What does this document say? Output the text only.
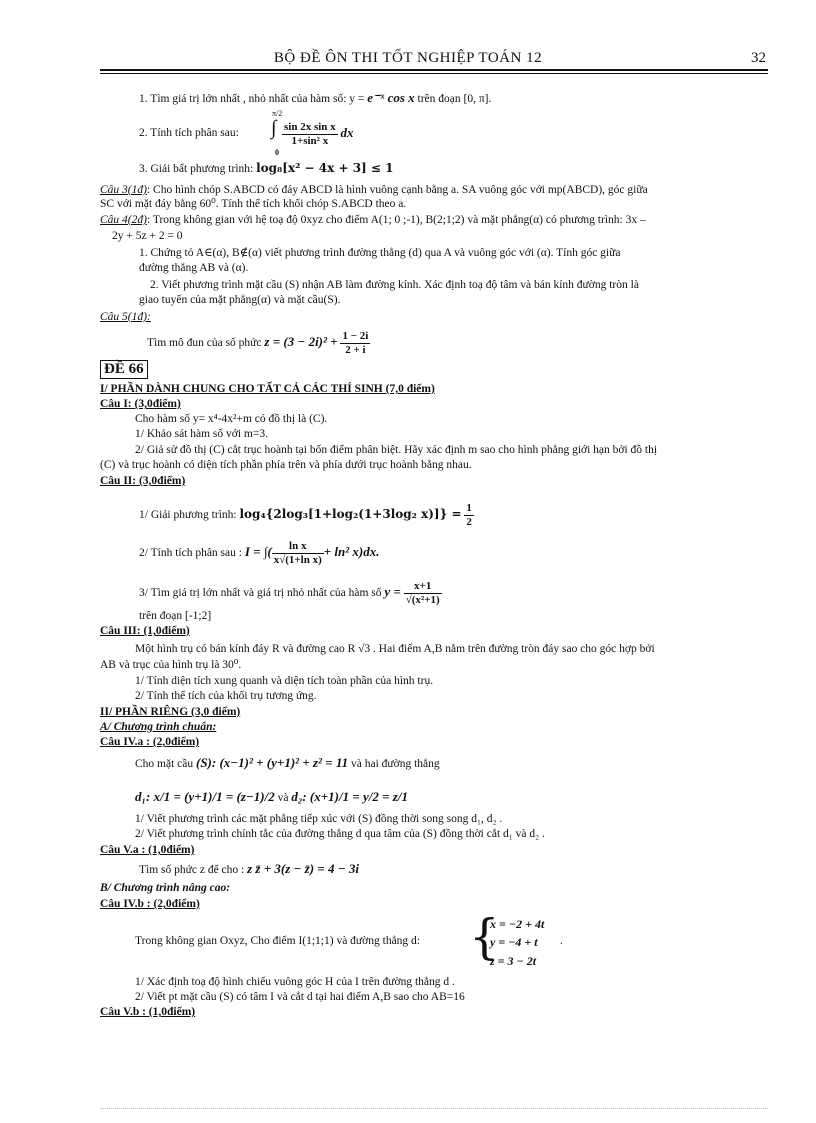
BỘ ĐỀ ÔN THI TỐT NGHIỆP TOÁN 12	32
1. Tìm giá trị lớn nhất , nhỏ nhất của hàm số: y = e⁻ˣ cos x trên đoạn [0, π].
2. Tính tích phân sau: ∫
π/2
0
$\frac{\text{sin 2x sin x}}{\text{1+sin² x}}$ dx
3. Giải bất phương trình: log₈[x² − 4x + 3] ≤ 1
Câu 3(1đ): Cho hình chóp S.ABCD có đáy ABCD là hình vuông cạnh bằng a. SA vuông góc với mp(ABCD), góc giữa
SC với mặt đáy bằng 60⁰. Tính thể tích khối chóp S.ABCD theo a.
Câu 4(2đ): Trong không gian với hệ toạ độ 0xyz cho điểm A(1; 0 ;-1), B(2;1;2) và mặt phẳng(α) có phương trình: 3x –
2y + 5z + 2 = 0
1. Chứng tỏ A∈(α), B∉(α) viết phương trình đường thẳng (d) qua A và vuông góc với (α). Tính góc giữa
đường thẳng AB và (α).
2. Viết phương trình mặt cầu (S) nhận AB làm đường kính. Xác định toạ độ tâm và bán kính đường tròn là
giao tuyến của mặt phẳng(α) và mặt cầu(S).
Câu 5(1đ):
Tìm mô đun của số phức $z = (3 - 2i)^2 + \frac{1 - 2i}{2 + i}$
ĐỀ 66
I/ PHẦN DÀNH CHUNG CHO TẤT CẢ CÁC THÍ SINH (7,0 điểm)
Câu I: (3,0điểm)
Cho hàm số y= x⁴-4x²+m có đồ thị là (C).
1/ Khảo sát hàm số với m=3.
2/ Giả sử đồ thị (C) cắt trục hoành tại bốn điểm phân biệt. Hãy xác định m sao cho hình phẳng giới hạn bởi đồ thị
(C) và trục hoành có diện tích phần phía trên và phía dưới trục hoành bằng nhau.
Câu II: (3,0điểm)
1/ Giải phương trình: log₄{2log₃[1+log₂(1+3log₂ $x)]\} = \frac{1}{2}$
2/ Tính tích phân sau : I = ∫( $\frac{\text{ln x}}{\text{x√(1+ln x)}} + \ln^2$ x)dx.
3/ Tìm giá trị lớn nhất và giá trị nhỏ nhất của hàm số $y = \frac{x+1}{\text{√(x²+1)}}$
trên đoạn [-1;2]
Câu III: (1,0điểm)
Một hình trụ có bán kính đáy R và đường cao R √3 . Hai điểm A,B nằm trên đường tròn đáy sao cho góc hợp bởi
AB và trục của hình trụ là 30⁰.
1/ Tính diện tích xung quanh và diện tích toàn phần của hình trụ.
2/ Tính thể tích của khối trụ tương ứng.
II/ PHẦN RIÊNG (3,0 điểm)
A/ Chương trình chuẩn:
Câu IV.a : (2,0điểm)
Cho mặt cầu (S): (x−1)² + (y+1)² + z² = 11 và hai đường thẳng
d₁: x/1 = (y+1)/1 = (z−1)/2 và d₂: (x+1)/1 = y/2 = z/1
1/ Viết phương trình các mặt phẳng tiếp xúc với (S) đồng thời song song d₁, d₂ .
2/ Viết phương trình chính tắc của đường thẳng d qua tâm của (S) đồng thời cắt d₁ và d₂ .
Câu V.a : (1,0điểm)
Tìm số phức z để cho : z z̄ + 3(z − z̄) = 4 − 3i
B/ Chương trình nâng cao:
Câu IV.b : (2,0điểm)
Trong không gian Oxyz, Cho điểm I(1;1;1) và đường thẳng d: {
x = −2 + 4t
y = −4 + t
z = 3 − 2t
.
1/ Xác định toạ độ hình chiếu vuông góc H của I trên đường thẳng d .
2/ Viết pt mặt cầu (S) có tâm I và cắt d tại hai điểm A,B sao cho AB=16
Câu V.b : (1,0điểm)
